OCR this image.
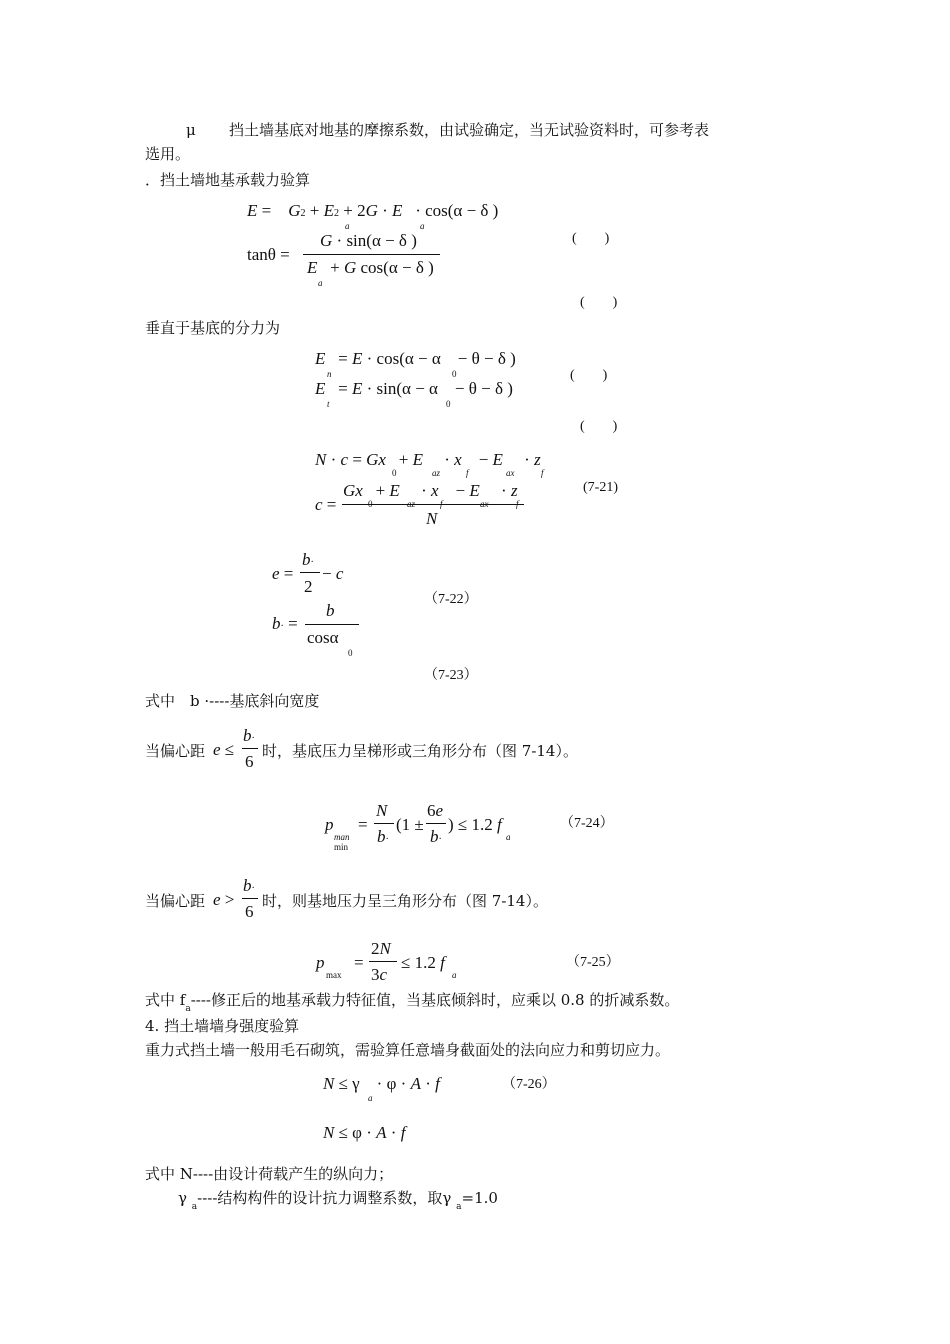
μ 挡土墙基底对地基的摩擦系数，由试验确定，当无试验资料时，可参考表
选用。
．挡土墙地基承载力验算
E =    G2 + E2 + 2G · E   · cos(α − δ )
a	a
tanθ =
G · sin(α − δ )
E   + G cos(α − δ )
a
(　　)
(　　)
垂直于基底的分力为
E   = E · cos(α − α    − θ − δ )
n	0
E   = E · sin(α − α    − θ − δ )
t	0
(　　)
(　　)
N · c = Gx   + E     · x    − E     · z
0	az	f	ax	f
c =
Gx   + E     · x    − E     · z
0	az	f	ax	f
N
(7-21)
e =
b·
2
− c
（7-22）
b· =
b
cosα
0
（7-23）
式中　b ·----基底斜向宽度
当偏心距 e ≤
b·
6
时，基底压力呈梯形或三角形分布（图 7-14）。
p
man
min
=
N
b·
(1 ±
6e
b·
) ≤ 1.2 f
a
（7-24）
当偏心距 e >
b·
6
时，则基地压力呈三角形分布（图 7-14）。
p
max
=
2N
3c
≤ 1.2 f
a
（7-25）
式中 $f_a----$修正后的地基承载力特征值，当基底倾斜时，应乘以 0.8 的折减系数。
4. 挡土墙墙身强度验算
重力式挡土墙一般用毛石砌筑，需验算任意墙身截面处的法向应力和剪切应力。
N ≤ γ    · φ · A · f
a
（7-26）
N ≤ φ · A · f
式中 N----由设计荷载产生的纵向力；
γ $_a$----结构构件的设计抗力调整系数，取γ $_a$=1.0
